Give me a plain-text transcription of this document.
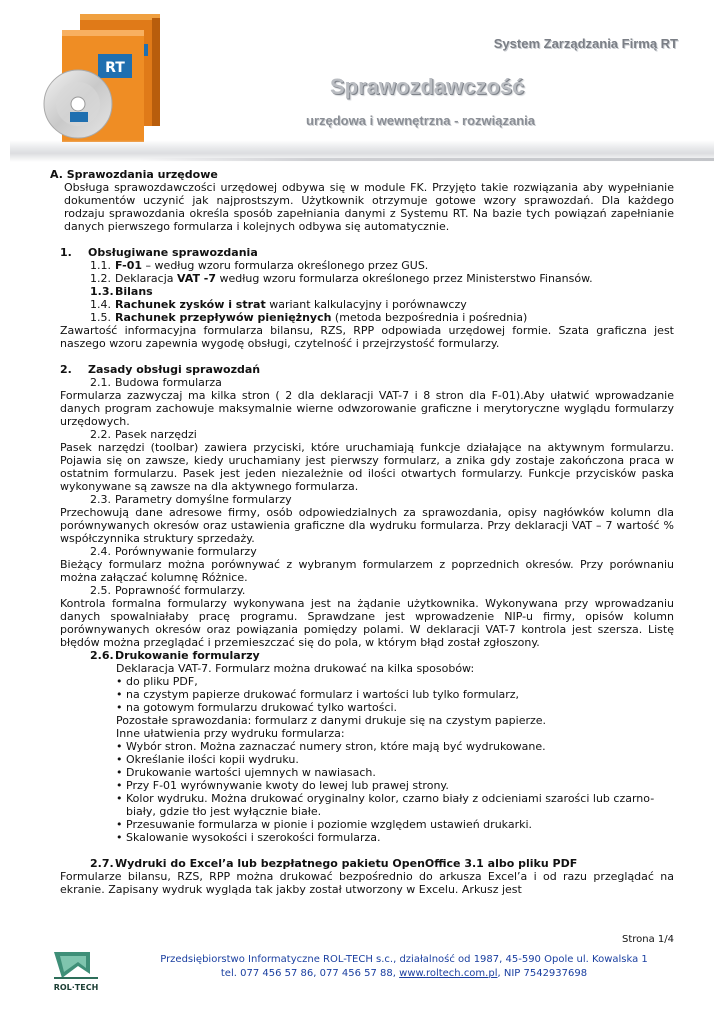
RT
System Zarządzania Firmą RT
Sprawozdawczość
urzędowa i wewnętrzna - rozwiązania

A. Sprawozdania urzędowe

Obsługa sprawozdawczości urzędowej odbywa się w module FK. Przyjęto takie rozwiązania aby wypełnianie dokumentów uczynić jak najprostszym. Użytkownik otrzymuje gotowe wzory sprawozdań. Dla każdego rodzaju sprawozdania określa sposób zapełniania danymi z Systemu RT. Na bazie tych powiązań zapełnianie danych pierwszego formularza i kolejnych odbywa się automatycznie.

1.	Obsługiwane sprawozdania
1.1. F-01 – według wzoru formularza określonego przez GUS.
1.2. Deklaracja VAT -7 według wzoru formularza określonego przez Ministerstwo Finansów.
1.3.Bilans
1.4. Rachunek zysków i strat wariant kalkulacyjny i porównawczy
1.5. Rachunek przepływów pieniężnych (metoda bezpośrednia i pośrednia)

Zawartość informacyjna formularza bilansu, RZS, RPP odpowiada urzędowej formie. Szata graficzna jest naszego wzoru zapewnia wygodę obsługi, czytelność i przejrzystość formularzy.

2.	Zasady obsługi sprawozdań
2.1. Budowa formularza

Formularza zazwyczaj ma kilka stron ( 2 dla deklaracji VAT-7 i 8 stron dla F-01).Aby ułatwić wprowadzanie danych program zachowuje maksymalnie wierne odwzorowanie graficzne i merytoryczne wyglądu formularzy urzędowych.

2.2. Pasek narzędzi

Pasek narzędzi (toolbar) zawiera przyciski, które uruchamiają funkcje działające na aktywnym formularzu. Pojawia się on zawsze, kiedy uruchamiany jest pierwszy formularz, a znika gdy zostaje zakończona praca w ostatnim formularzu. Pasek jest jeden niezależnie od ilości otwartych formularzy. Funkcje przycisków paska wykonywane są zawsze na dla aktywnego formularza.

2.3. Parametry domyślne formularzy

Przechowują dane adresowe firmy, osób odpowiedzialnych za sprawozdania, opisy nagłówków kolumn dla porównywanych okresów oraz ustawienia graficzne dla wydruku formularza. Przy deklaracji VAT – 7 wartość % współczynnika struktury sprzedaży.

2.4. Porównywanie formularzy

Bieżący formularz można porównywać z wybranym formularzem z poprzednich okresów. Przy porównaniu można załączać kolumnę Różnice.

2.5. Poprawność formularzy.

Kontrola formalna formularzy wykonywana jest na żądanie użytkownika. Wykonywana przy wprowadzaniu danych spowalniałaby pracę programu. Sprawdzane jest wprowadzenie NIP-u firmy, opisów kolumn porównywanych okresów oraz powiązania pomiędzy polami. W deklaracji VAT-7 kontrola jest szersza. Listę błędów można przeglądać i przemieszczać się do pola, w którym błąd został zgłoszony.

2.6.Drukowanie formularzy

Deklaracja VAT-7. Formularz można drukować na kilka sposobów:

• do pliku PDF,
• na czystym papierze drukować formularz i wartości lub tylko formularz,
• na gotowym formularzu drukować tylko wartości.

Pozostałe sprawozdania: formularz z danymi drukuje się na czystym papierze.

Inne ułatwienia przy wydruku formularza:

• Wybór stron. Można zaznaczać numery stron, które mają być wydrukowane.
• Określanie ilości kopii wydruku.
• Drukowanie wartości ujemnych w nawiasach.
• Przy F-01 wyrównywanie kwoty do lewej lub prawej strony.
• Kolor wydruku. Można drukować oryginalny kolor, czarno biały z odcieniami szarości lub czarno-biały, gdzie tło jest wyłącznie białe.
• Przesuwanie formularza w pionie i poziomie względem ustawień drukarki.
• Skalowanie wysokości i szerokości formularza.
2.7.Wydruki do Excel’a lub bezpłatnego pakietu OpenOffice 3.1 albo pliku PDF

Formularze bilansu, RZS, RPP można drukować bezpośrednio do arkusza Excel’a i od razu przeglądać na ekranie. Zapisany wydruk wygląda tak jakby został utworzony w Excelu. Arkusz jest

Strona 1/4
ROL·TECH
Przedsiębiorstwo Informatyczne ROL-TECH s.c., działalność od 1987, 45-590 Opole ul. Kowalska 1
tel. 077 456 57 86, 077 456 57 88, www.roltech.com.pl, NIP 7542937698
